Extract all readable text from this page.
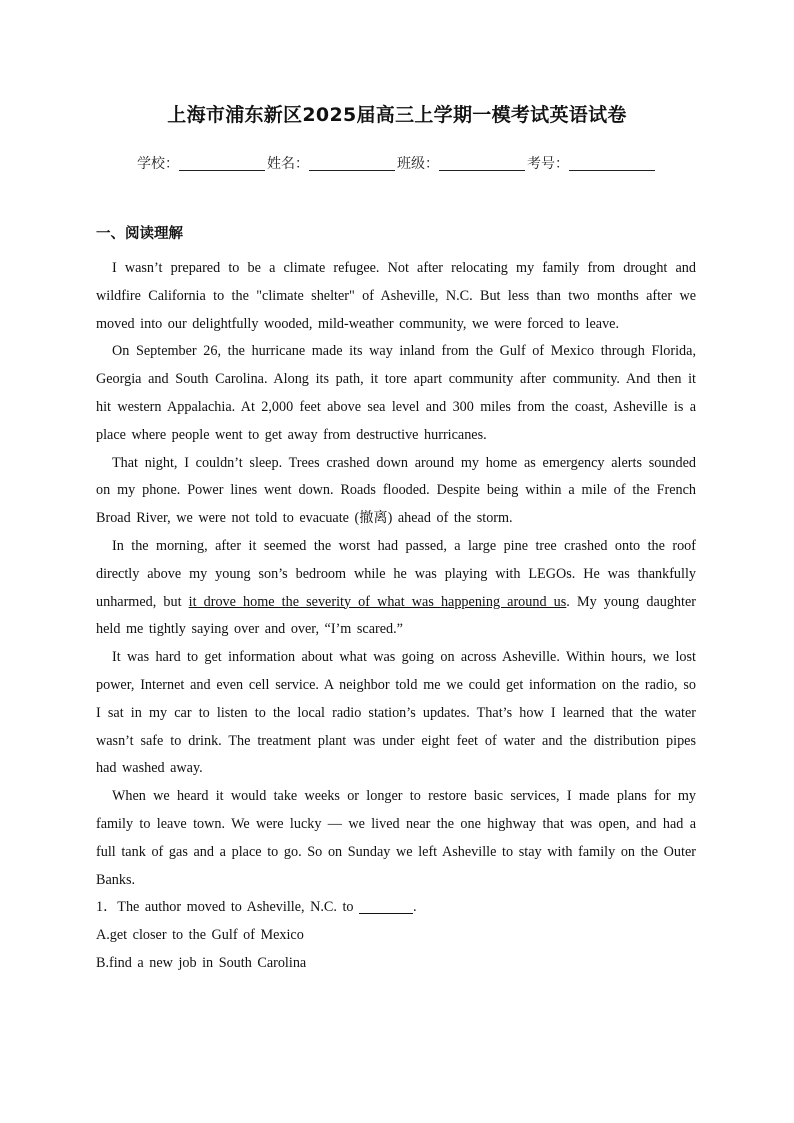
上海市浦东新区2025届高三上学期一模考试英语试卷
学校：	姓名：	班级：	考号：
一、阅读理解

I wasn’t prepared to be a climate refugee. Not after relocating my family from drought and wildfire California to the "climate shelter" of Asheville, N.C. But less than two months after we moved into our delightfully wooded, mild-weather community, we were forced to leave.

On September 26, the hurricane made its way inland from the Gulf of Mexico through Florida, Georgia and South Carolina. Along its path, it tore apart community after community. And then it hit western Appalachia. At 2,000 feet above sea level and 300 miles from the coast, Asheville is a place where people went to get away from destructive hurricanes.

That night, I couldn’t sleep. Trees crashed down around my home as emergency alerts sounded on my phone. Power lines went down. Roads flooded. Despite being within a mile of the French Broad River, we were not told to evacuate (撤离) ahead of the storm.

In the morning, after it seemed the worst had passed, a large pine tree crashed onto the roof directly above my young son’s bedroom while he was playing with LEGOs. He was thankfully unharmed, but it drove home the severity of what was happening around us. My young daughter held me tightly saying over and over, “I’m scared.”

It was hard to get information about what was going on across Asheville. Within hours, we lost power, Internet and even cell service. A neighbor told me we could get information on the radio, so I sat in my car to listen to the local radio station’s updates. That’s how I learned that the water wasn’t safe to drink. The treatment plant was under eight feet of water and the distribution pipes had washed away.

When we heard it would take weeks or longer to restore basic services, I made plans for my family to leave town. We were lucky — we lived near the one highway that was open, and had a full tank of gas and a place to go. So on Sunday we left Asheville to stay with family on the Outer Banks.

1．The author moved to Asheville, N.C. to	.

A.get closer to the Gulf of Mexico

B.find a new job in South Carolina
